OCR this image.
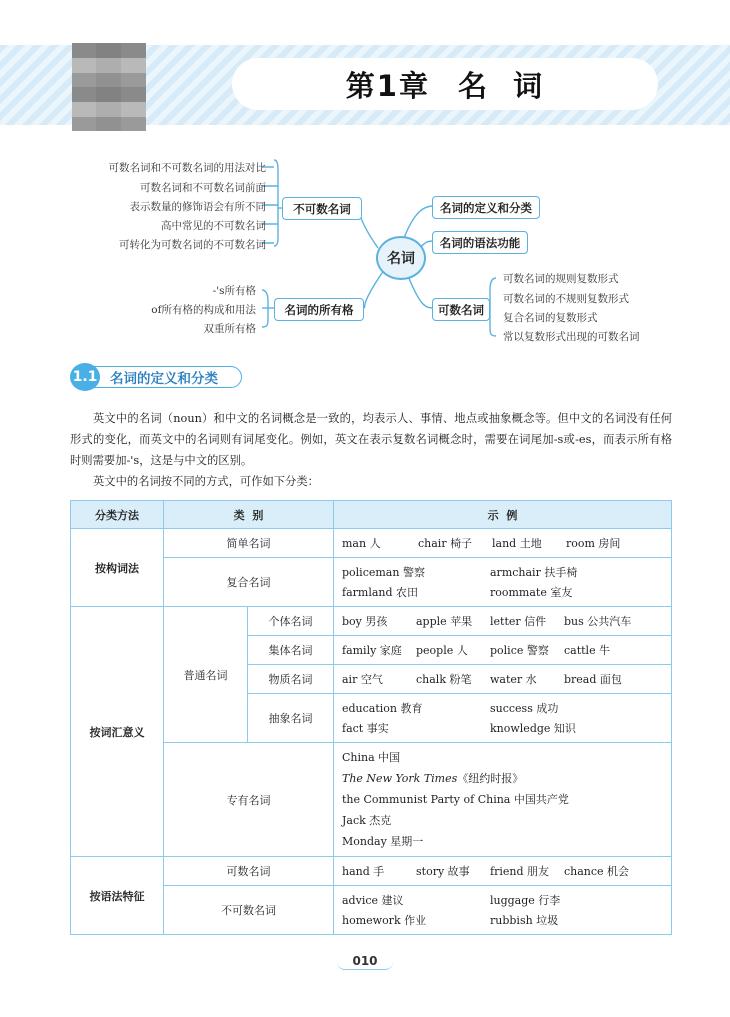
第1章 名  词
可数名词和不可数名词的用法对比
可数名词和不可数名词前面
表示数量的修饰语会有所不同
高中常见的不可数名词
可转化为可数名词的不可数名词
不可数名词
-'s所有格
of所有格的构成和用法
双重所有格
名词的所有格
名词
名词的定义和分类
名词的语法功能
可数名词
可数名词的规则复数形式
可数名词的不规则复数形式
复合名词的复数形式
常以复数形式出现的可数名词
名词的定义和分类
1.1
英文中的名词（noun）和中文的名词概念是一致的，均表示人、事情、地点或抽象概念等。但中文的名词没有任何形式的变化，而英文中的名词则有词尾变化。例如，英文在表示复数名词概念时，需要在词尾加-s或-es，而表示所有格时则需要加-'s，这是与中文的区别。
英文中的名词按不同的方式，可作如下分类：
分类方法	类  别		示  例
按构词法	简单名词		man 人 chair 椅子 land 土地 room 房间

	复合名词		policeman 警察 armchair 扶手椅
farmland 农田 roommate 室友

按词汇意义	普通名词	个体名词	boy 男孩 apple 苹果 letter 信件 bus 公共汽车

		集体名词	family 家庭 people 人 police 警察 cattle 牛

		物质名词	air 空气 chalk 粉笔 water 水 bread 面包

		抽象名词	education 教育 success 成功
fact 事实 knowledge 知识

	专有名词		China 中国
The New York Times《纽约时报》
the Communist Party of China 中国共产党
Jack 杰克
Monday 星期一

按语法特征	可数名词		hand 手 story 故事 friend 朋友 chance 机会

	不可数名词		advice 建议 luggage 行李
homework 作业 rubbish 垃圾
010
